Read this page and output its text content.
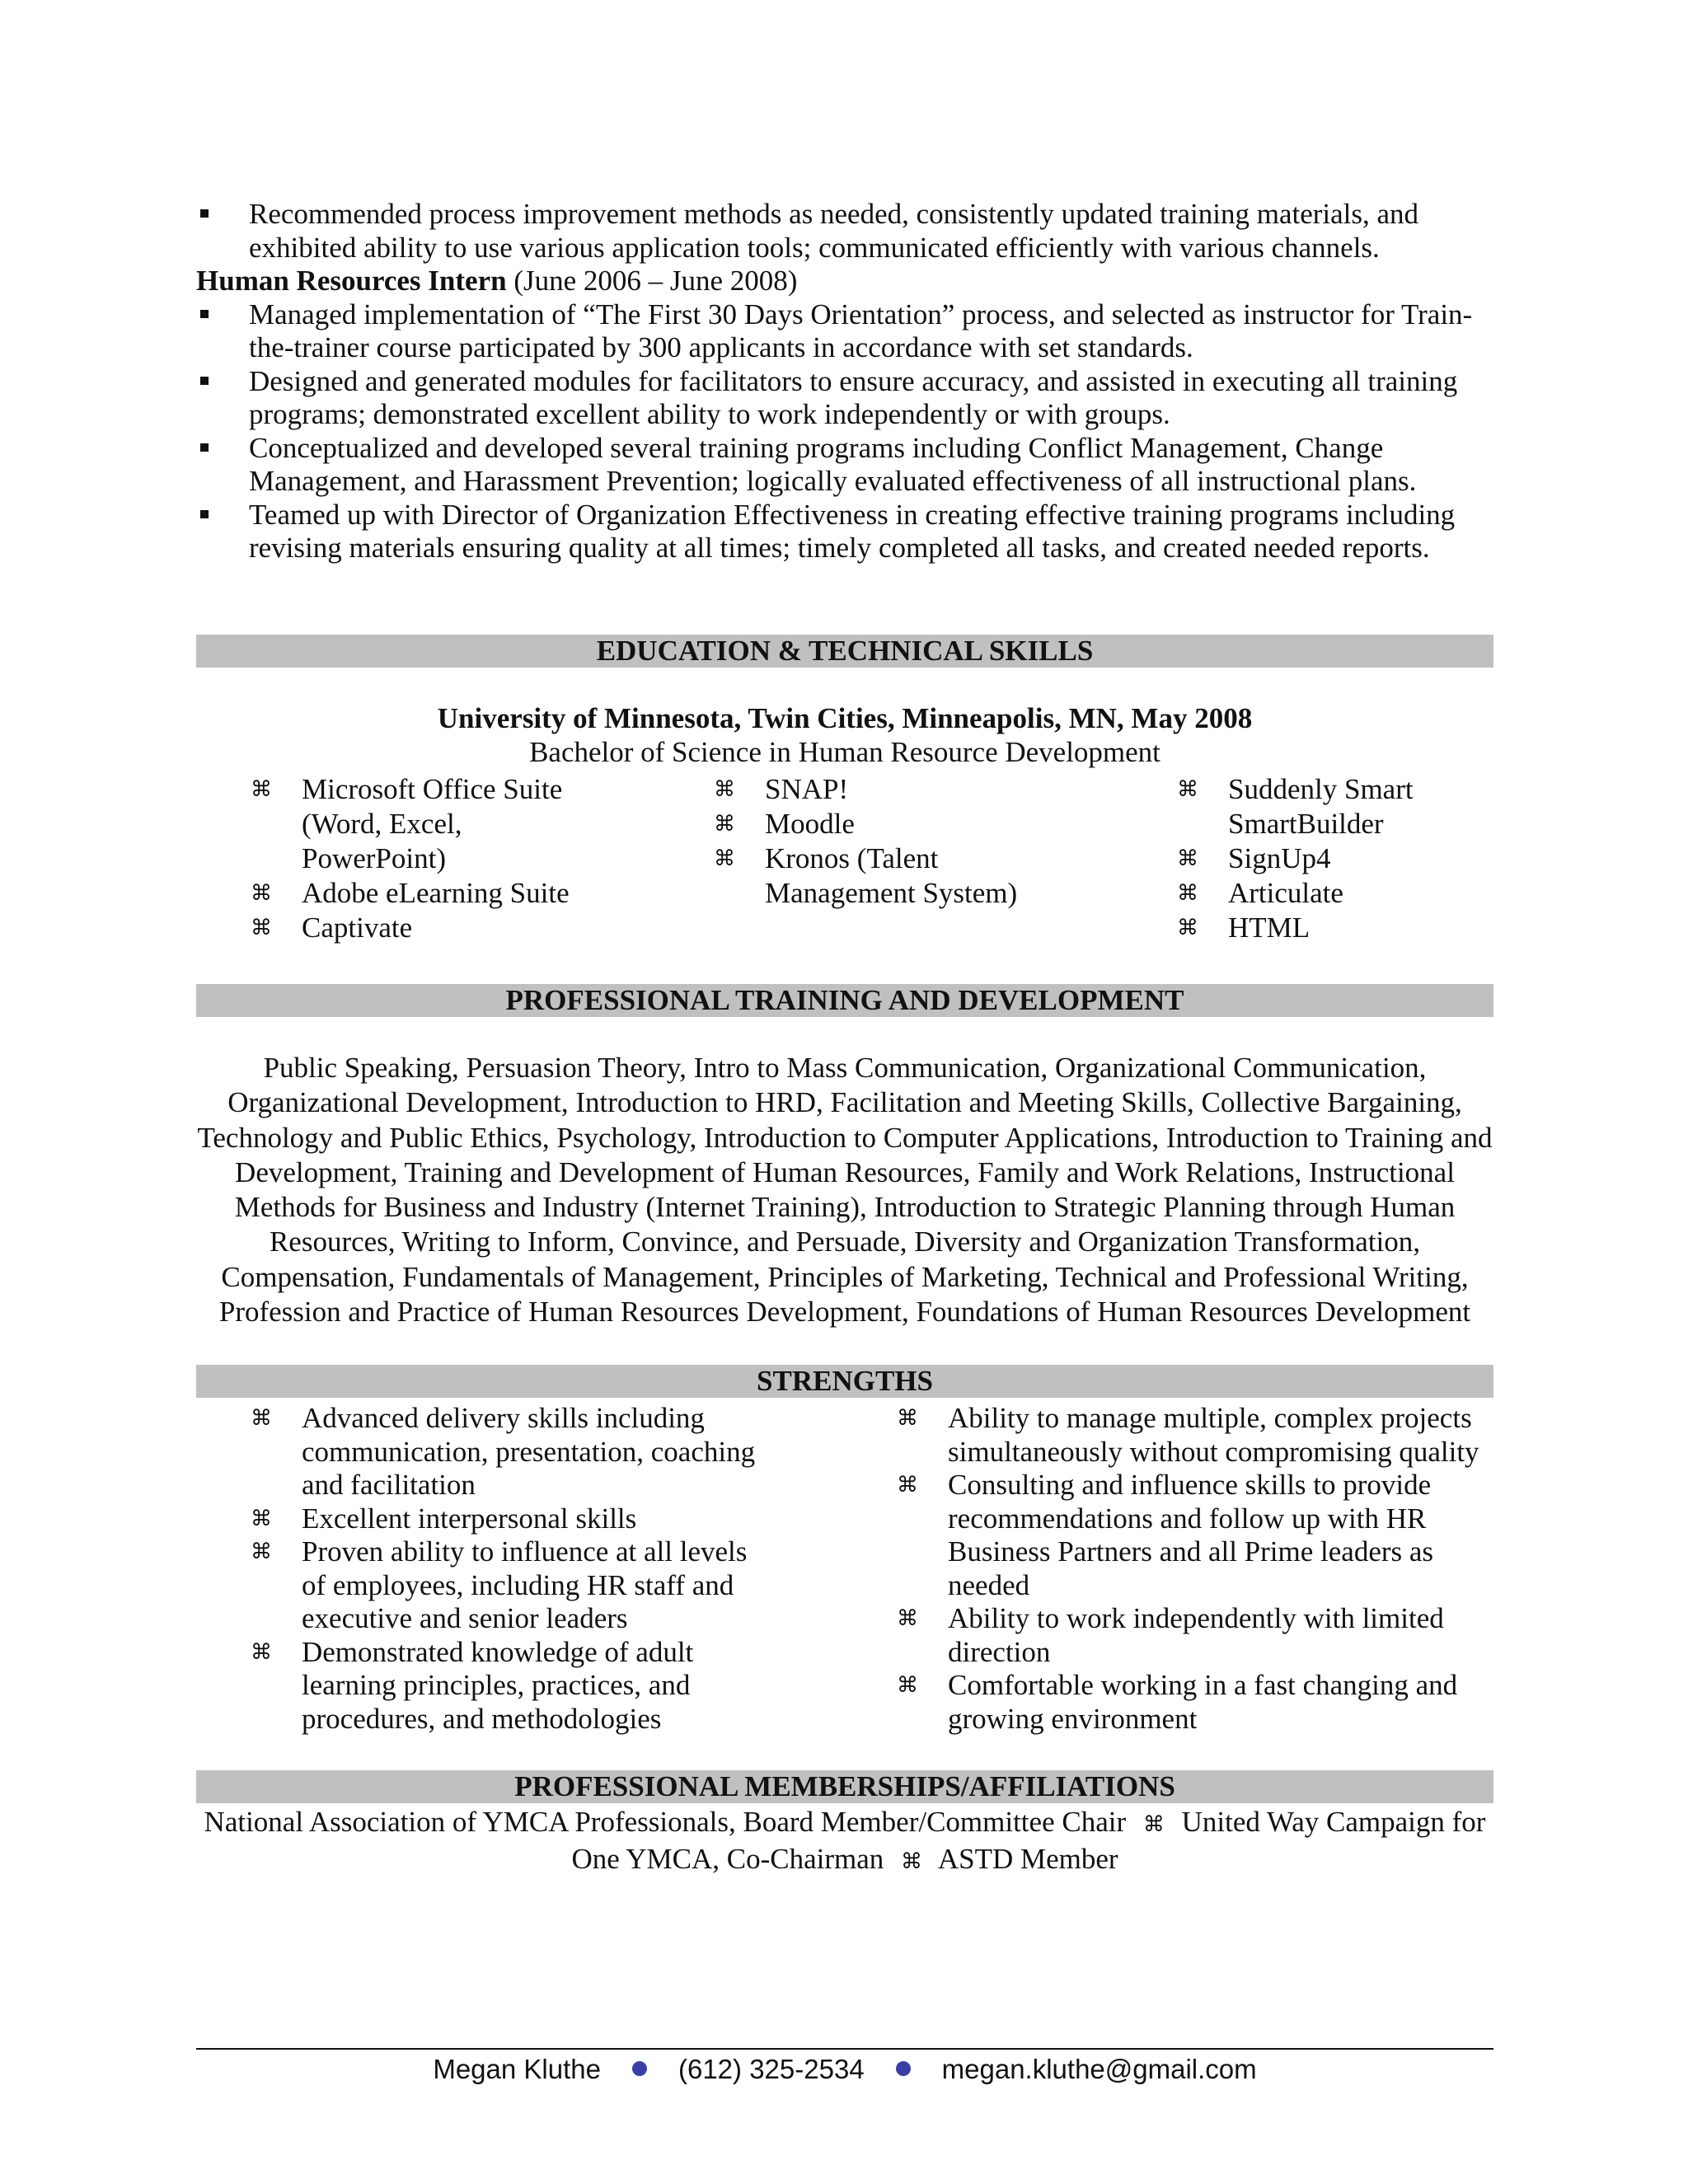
Recommended process improvement methods as needed, consistently updated training materials, and exhibited ability to use various application tools; communicated efficiently with various channels.
Human Resources Intern (June 2006 – June 2008)
Managed implementation of “The First 30 Days Orientation” process, and selected as instructor for Train-the-trainer course participated by 300 applicants in accordance with set standards.
Designed and generated modules for facilitators to ensure accuracy, and assisted in executing all training programs; demonstrated excellent ability to work independently or with groups.
Conceptualized and developed several training programs including Conflict Management, Change Management, and Harassment Prevention; logically evaluated effectiveness of all instructional plans.
Teamed up with Director of Organization Effectiveness in creating effective training programs including revising materials ensuring quality at all times; timely completed all tasks, and created needed reports.
EDUCATION & TECHNICAL SKILLS
University of Minnesota, Twin Cities, Minneapolis, MN, May 2008
Bachelor of Science in Human Resource Development
⌘ Microsoft Office Suite (Word, Excel, PowerPoint)
⌘ Adobe eLearning Suite
⌘ Captivate
⌘ SNAP!
⌘ Moodle
⌘ Kronos (Talent Management System)
⌘ Suddenly Smart SmartBuilder
⌘ SignUp4
⌘ Articulate
⌘ HTML
PROFESSIONAL TRAINING AND DEVELOPMENT
Public Speaking, Persuasion Theory, Intro to Mass Communication, Organizational Communication, Organizational Development, Introduction to HRD, Facilitation and Meeting Skills, Collective Bargaining, Technology and Public Ethics, Psychology, Introduction to Computer Applications, Introduction to Training and Development, Training and Development of Human Resources, Family and Work Relations, Instructional Methods for Business and Industry (Internet Training), Introduction to Strategic Planning through Human Resources, Writing to Inform, Convince, and Persuade, Diversity and Organization Transformation, Compensation, Fundamentals of Management, Principles of Marketing, Technical and Professional Writing, Profession and Practice of Human Resources Development, Foundations of Human Resources Development
STRENGTHS
⌘ Advanced delivery skills including communication, presentation, coaching and facilitation
⌘ Excellent interpersonal skills
⌘ Proven ability to influence at all levels of employees, including HR staff and executive and senior leaders
⌘ Demonstrated knowledge of adult learning principles, practices, and procedures, and methodologies
⌘ Ability to manage multiple, complex projects simultaneously without compromising quality
⌘ Consulting and influence skills to provide recommendations and follow up with HR Business Partners and all Prime leaders as needed
⌘ Ability to work independently with limited direction
⌘ Comfortable working in a fast changing and growing environment
PROFESSIONAL MEMBERSHIPS/AFFILIATIONS
National Association of YMCA Professionals, Board Member/Committee Chair ⌘ United Way Campaign for One YMCA, Co-Chairman ⌘ ASTD Member
Megan Kluthe	(612) 325-2534	megan.kluthe@gmail.com
